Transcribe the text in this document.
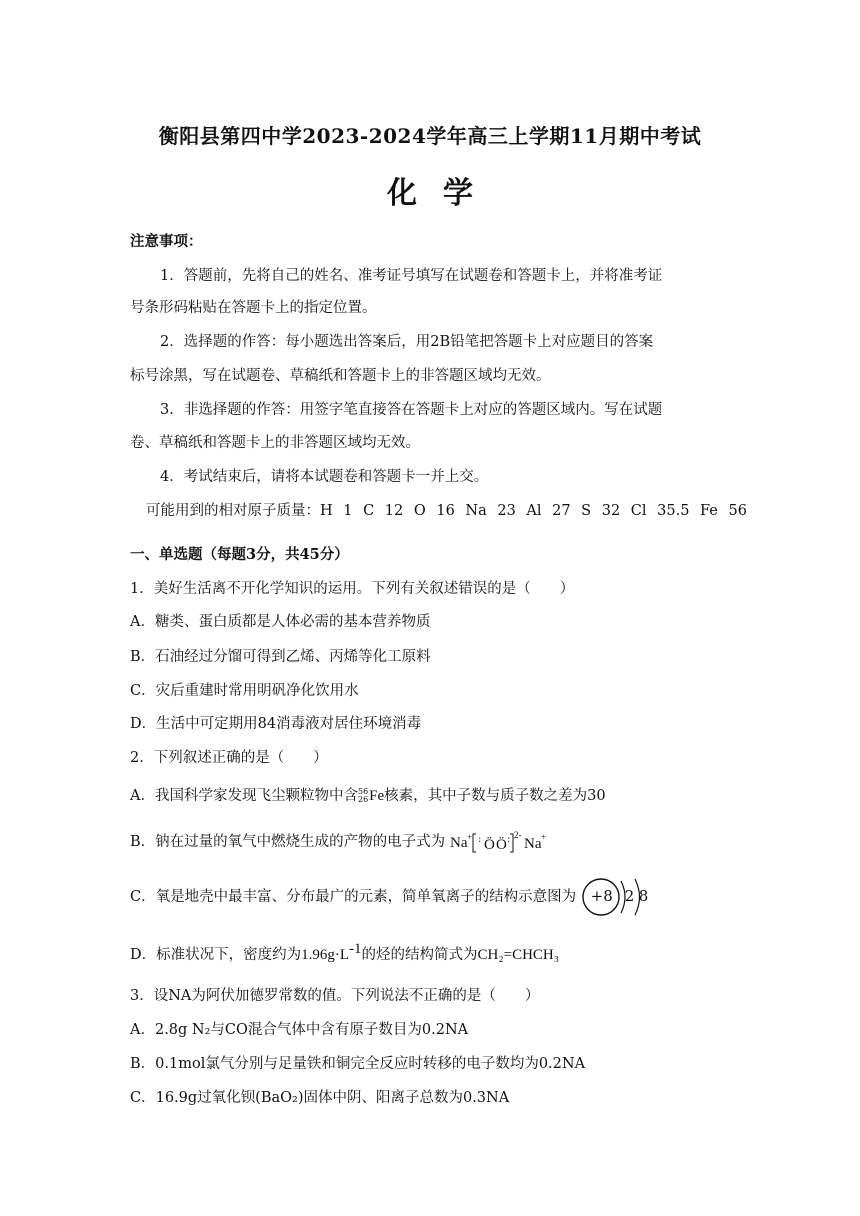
衡阳县第四中学2023-2024学年高三上学期11月期中考试
化学
注意事项：
1．答题前，先将自己的姓名、准考证号填写在试题卷和答题卡上，并将准考证
号条形码粘贴在答题卡上的指定位置。
2．选择题的作答：每小题选出答案后，用2B铅笔把答题卡上对应题目的答案
标号涂黑，写在试题卷、草稿纸和答题卡上的非答题区域均无效。
3．非选择题的作答：用签字笔直接答在答题卡上对应的答题区域内。写在试题
卷、草稿纸和答题卡上的非答题区域均无效。
4．考试结束后，请将本试题卷和答题卡一并上交。
可能用到的相对原子质量：H 1 C 12 O 16 Na 23 Al 27 S 32 Cl 35.5 Fe 56
一、单选题（每题3分，共45分）
1．美好生活离不开化学知识的运用。下列有关叙述错误的是（　　）
A．糖类、蛋白质都是人体必需的基本营养物质
B．石油经过分馏可得到乙烯、丙烯等化工原料
C．灾后重建时常用明矾净化饮用水
D．生活中可定期用84消毒液对居住环境消毒
2．下列叙述正确的是（　　）
A．我国科学家发现飞尘颗粒物中含 56
26 Fe核素，其中子数与质子数之差为30
B．钠在过量的氧气中燃烧生成的产物的电子式为 Na + : Ö Ö : 2-
Na +
C．氧是地壳中最丰富、分布最广的元素，简单氧离子的结构示意图为 +8 2 8
D．标准状况下，密度约为$1.96g\cdot L^{-1}$的烃的结构简式为CH₂=CHCH₃
3．设NA为阿伏加德罗常数的值。下列说法不正确的是（　　）
A．2.8g N₂与CO混合气体中含有原子数目为0.2NA
B．0.1mol氯气分别与足量铁和铜完全反应时转移的电子数均为0.2NA
C．16.9g过氧化钡(BaO₂)固体中阴、阳离子总数为0.3NA
